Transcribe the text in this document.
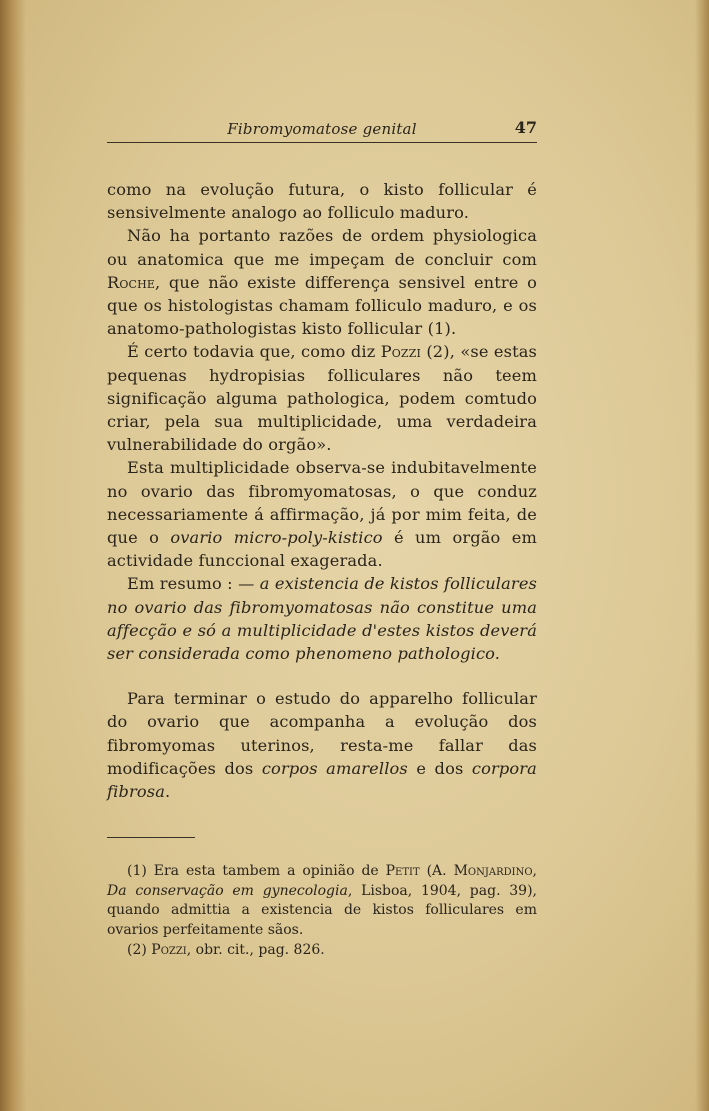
Fibromyomatose genital	47

como na evolução futura, o kisto follicular é sensivelmente analogo ao folliculo maduro.

Não ha portanto razões de ordem physiologica ou anatomica que me impeçam de concluir com Roche, que não existe differença sensivel entre o que os histologistas chamam folliculo maduro, e os anatomo-pathologistas kisto follicular (1).

É certo todavia que, como diz Pozzi (2), «se estas pequenas hydropisias folliculares não teem significação alguma pathologica, podem comtudo criar, pela sua multiplicidade, uma verdadeira vulnerabilidade do orgão».

Esta multiplicidade observa-se indubitavelmente no ovario das fibromyomatosas, o que conduz necessariamente á affirmação, já por mim feita, de que o ovario micro-poly-kistico é um orgão em actividade funccional exagerada.

Em resumo : — a existencia de kistos folliculares no ovario das fibromyomatosas não constitue uma affecção e só a multiplicidade d'estes kistos deverá ser considerada como phenomeno pathologico.

Para terminar o estudo do apparelho follicular do ovario que acompanha a evolução dos fibromyomas uterinos, resta-me fallar das modificações dos corpos amarellos e dos corpora fibrosa.

(1) Era esta tambem a opinião de Petit (A. Monjardino, Da conservação em gynecologia, Lisboa, 1904, pag. 39), quando admittia a existencia de kistos folliculares em ovarios perfeitamente sãos.

(2) Pozzi, obr. cit., pag. 826.
